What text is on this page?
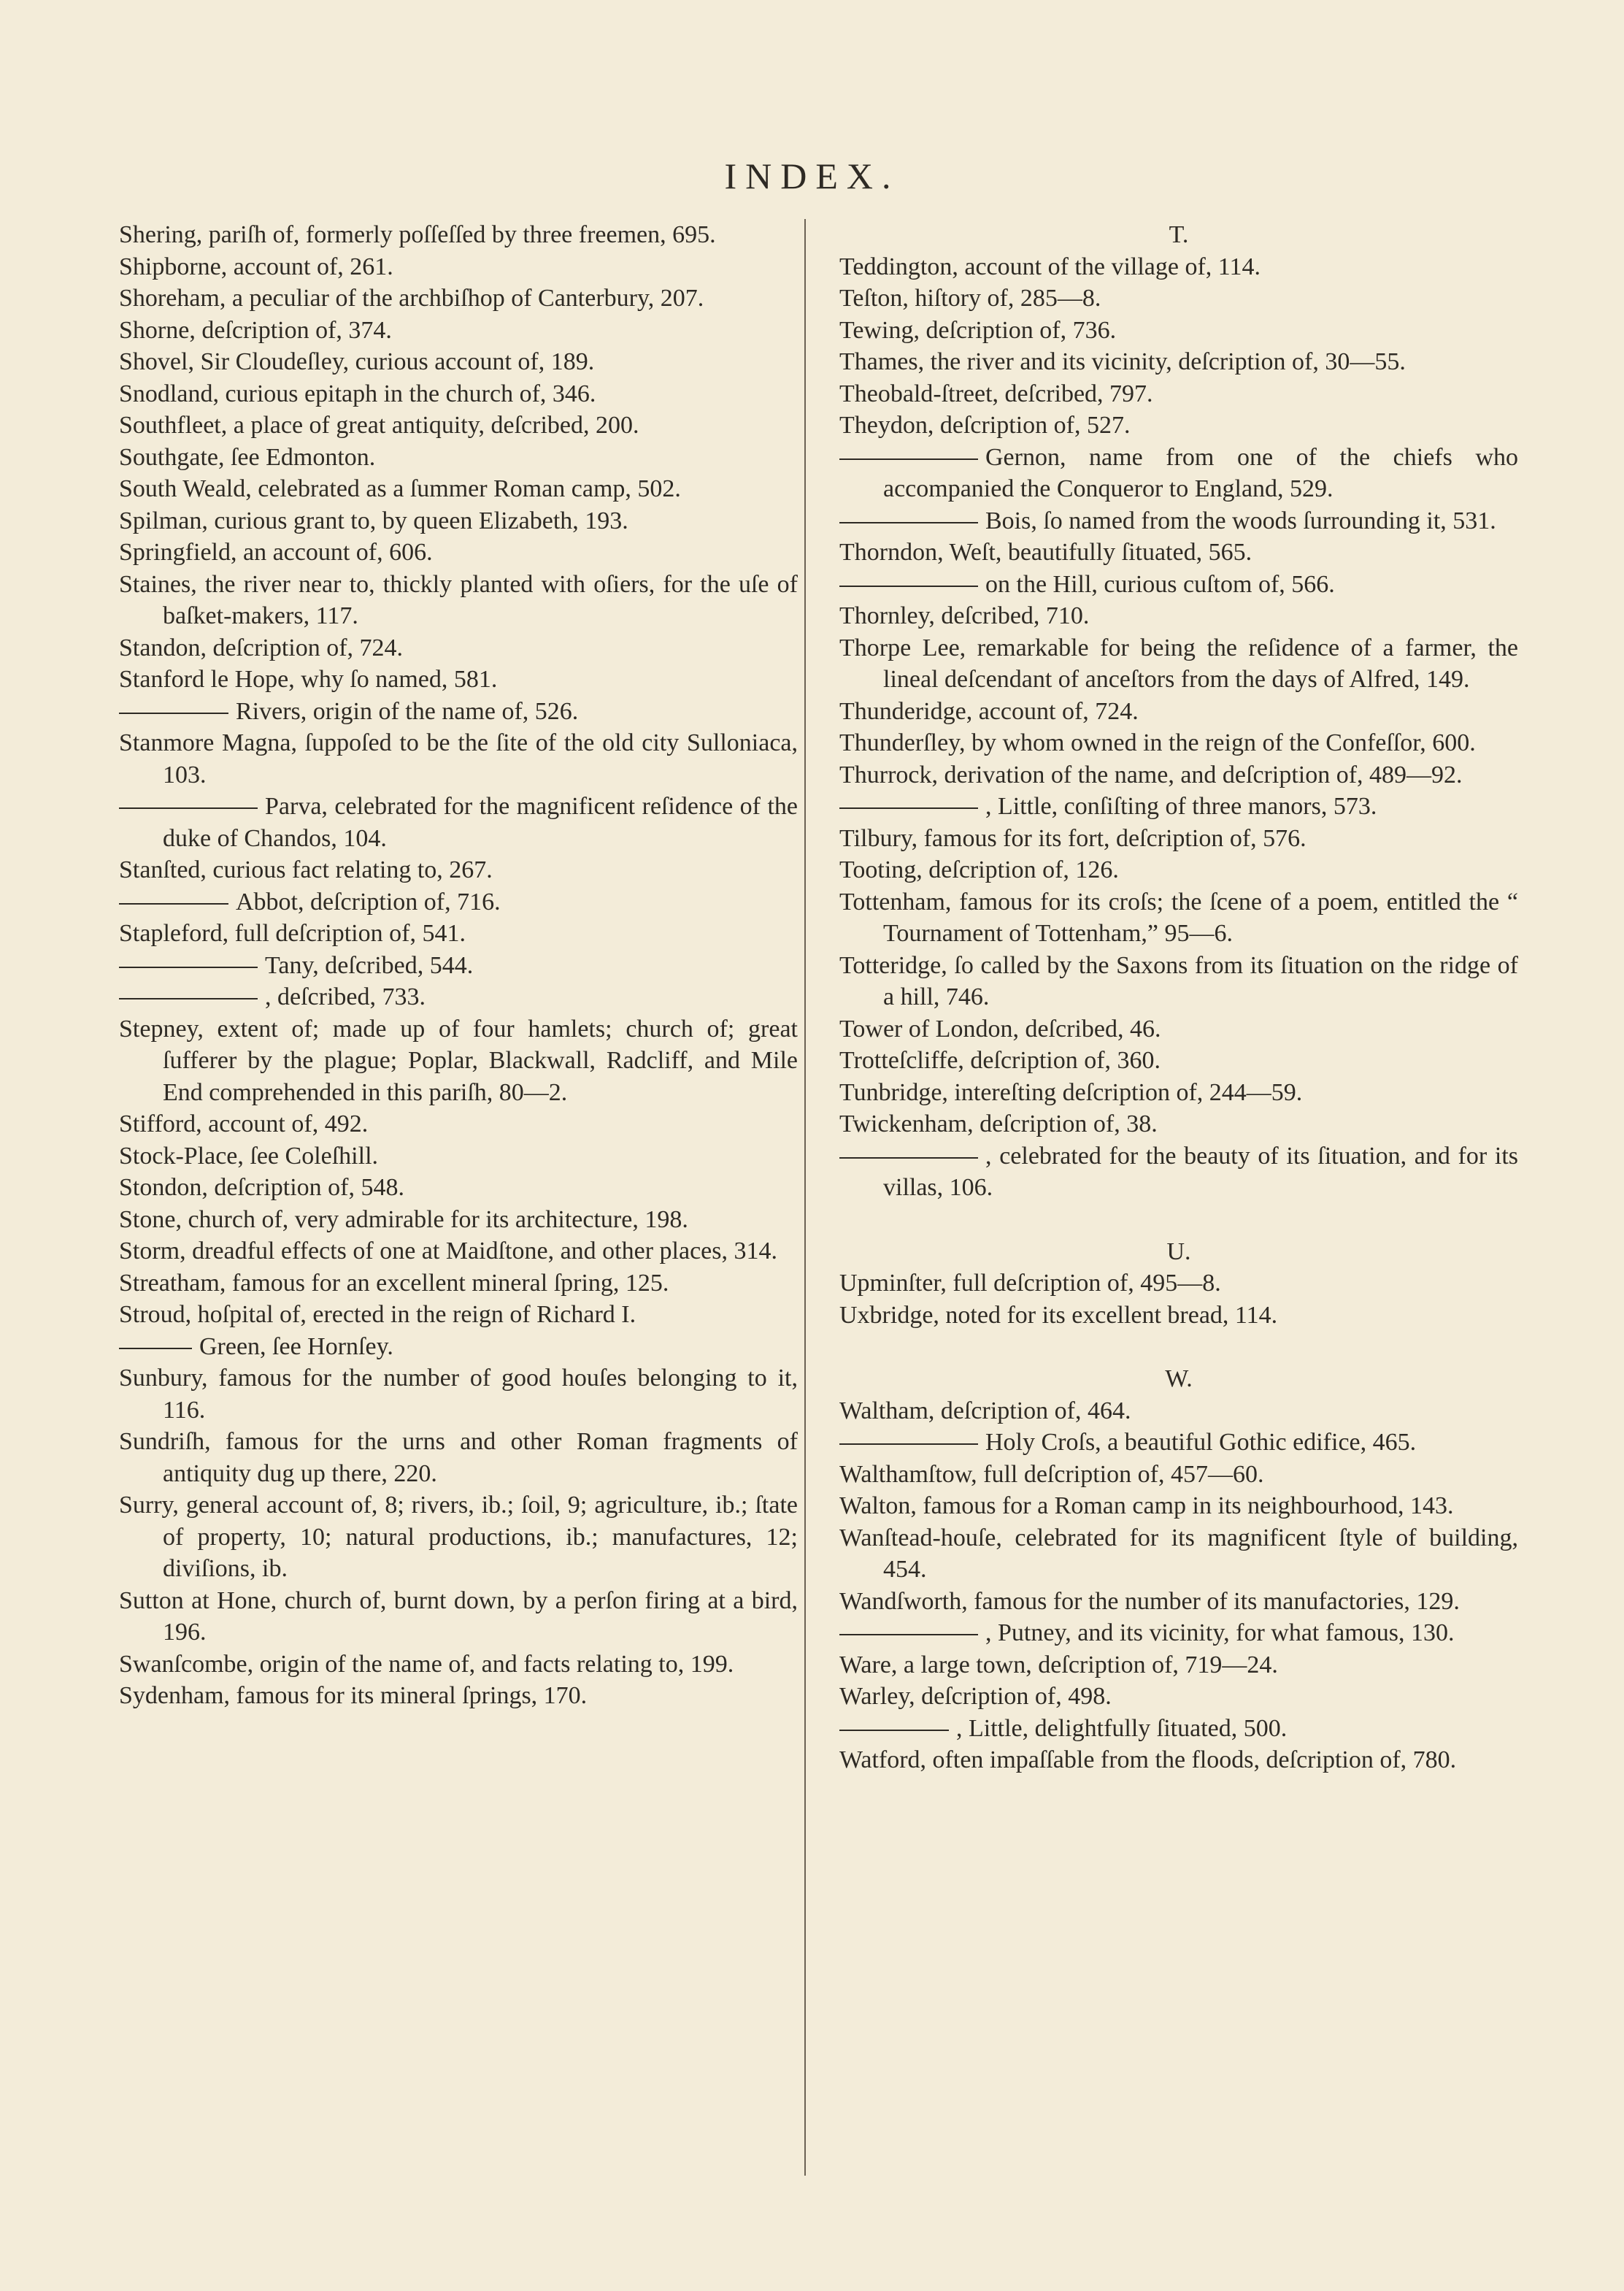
INDEX.
Shering, pariſh of, formerly poſſeſſed by three freemen, 695.
Shipborne, account of, 261.
Shoreham, a peculiar of the archbiſhop of Canterbury, 207.
Shorne, deſcription of, 374.
Shovel, Sir Cloudeſley, curious account of, 189.
Snodland, curious epitaph in the church of, 346.
Southfleet, a place of great antiquity, deſcribed, 200.
Southgate, ſee Edmonton.
South Weald, celebrated as a ſummer Roman camp, 502.
Spilman, curious grant to, by queen Elizabeth, 193.
Springfield, an account of, 606.
Staines, the river near to, thickly planted with oſiers, for the uſe of baſket-makers, 117.
Standon, deſcription of, 724.
Stanford le Hope, why ſo named, 581.
Rivers, origin of the name of, 526.
Stanmore Magna, ſuppoſed to be the ſite of the old city Sulloniaca, 103.
Parva, celebrated for the magnificent reſidence of the duke of Chandos, 104.
Stanſted, curious fact relating to, 267.
Abbot, deſcription of, 716.
Stapleford, full deſcription of, 541.
Tany, deſcribed, 544.
, deſcribed, 733.
Stepney, extent of; made up of four hamlets; church of; great ſufferer by the plague; Poplar, Blackwall, Radcliff, and Mile End comprehended in this pariſh, 80—2.
Stifford, account of, 492.
Stock-Place, ſee Coleſhill.
Stondon, deſcription of, 548.
Stone, church of, very admirable for its architecture, 198.
Storm, dreadful effects of one at Maidſtone, and other places, 314.
Streatham, famous for an excellent mineral ſpring, 125.
Stroud, hoſpital of, erected in the reign of Richard I.
Green, ſee Hornſey.
Sunbury, famous for the number of good houſes belonging to it, 116.
Sundriſh, famous for the urns and other Roman fragments of antiquity dug up there, 220.
Surry, general account of, 8; rivers, ib.; ſoil, 9; agriculture, ib.; ſtate of property, 10; natural productions, ib.; manufactures, 12; diviſions, ib.
Sutton at Hone, church of, burnt down, by a perſon firing at a bird, 196.
Swanſcombe, origin of the name of, and facts relating to, 199.
Sydenham, famous for its mineral ſprings, 170.
T.
Teddington, account of the village of, 114.
Teſton, hiſtory of, 285—8.
Tewing, deſcription of, 736.
Thames, the river and its vicinity, deſcription of, 30—55.
Theobald-ſtreet, deſcribed, 797.
Theydon, deſcription of, 527.
Gernon, name from one of the chiefs who accompanied the Conqueror to England, 529.
Bois, ſo named from the woods ſurrounding it, 531.
Thorndon, Weſt, beautifully ſituated, 565.
on the Hill, curious cuſtom of, 566.
Thornley, deſcribed, 710.
Thorpe Lee, remarkable for being the reſidence of a farmer, the lineal deſcendant of anceſtors from the days of Alfred, 149.
Thunderidge, account of, 724.
Thunderſley, by whom owned in the reign of the Confeſſor, 600.
Thurrock, derivation of the name, and deſcription of, 489—92.
, Little, conſiſting of three manors, 573.
Tilbury, famous for its fort, deſcription of, 576.
Tooting, deſcription of, 126.
Tottenham, famous for its croſs; the ſcene of a poem, entitled the “ Tournament of Tottenham,” 95—6.
Totteridge, ſo called by the Saxons from its ſituation on the ridge of a hill, 746.
Tower of London, deſcribed, 46.
Trotteſcliffe, deſcription of, 360.
Tunbridge, intereſting deſcription of, 244—59.
Twickenham, deſcription of, 38.
, celebrated for the beauty of its ſituation, and for its villas, 106.
U.
Upminſter, full deſcription of, 495—8.
Uxbridge, noted for its excellent bread, 114.
W.
Waltham, deſcription of, 464.
Holy Croſs, a beautiful Gothic edifice, 465.
Walthamſtow, full deſcription of, 457—60.
Walton, famous for a Roman camp in its neighbourhood, 143.
Wanſtead-houſe, celebrated for its magnificent ſtyle of building, 454.
Wandſworth, famous for the number of its manufactories, 129.
, Putney, and its vicinity, for what famous, 130.
Ware, a large town, deſcription of, 719—24.
Warley, deſcription of, 498.
, Little, delightfully ſituated, 500.
Watford, often impaſſable from the floods, deſcription of, 780.
